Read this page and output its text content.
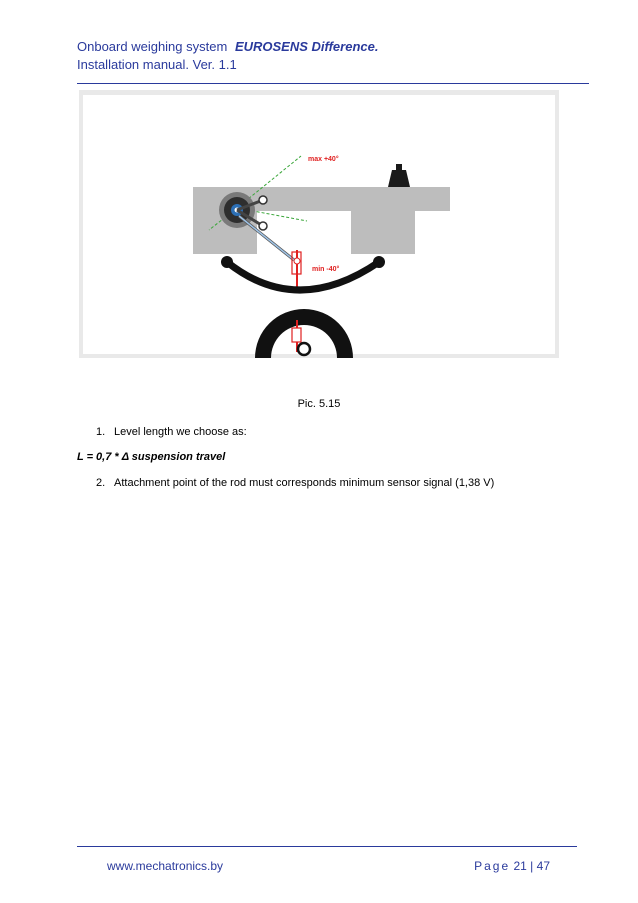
Onboard weighing system EUROSENS Difference.
Installation manual. Ver. 1.1
max +40°
min -40°
Pic. 5.15
1. Level length we choose as:
L = 0,7 * Δ suspension travel
2. Attachment point of the rod must corresponds minimum sensor signal (1,38 V)
www.mechatronics.by	Page 21 | 47
